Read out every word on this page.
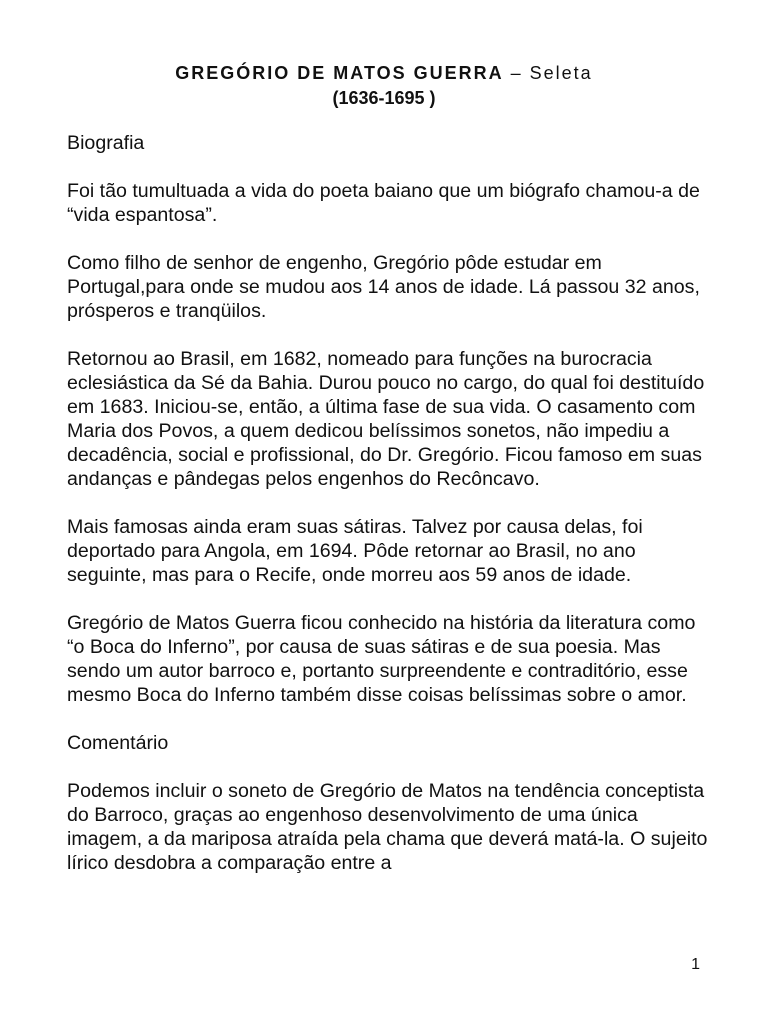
GREGÓRIO DE MATOS GUERRA – Seleta
(1636-1695 )

Biografia

Foi tão tumultuada a vida do poeta baiano que um biógrafo chamou-a de “vida espantosa”.

Como filho de senhor de engenho, Gregório pôde estudar em Portugal,para onde se mudou aos 14 anos de idade. Lá passou 32 anos, prósperos e tranqüilos.

Retornou ao Brasil, em 1682, nomeado para funções na burocracia eclesiástica da Sé da Bahia. Durou pouco no cargo, do qual foi destituído em 1683. Iniciou-se, então, a última fase de sua vida. O casamento com Maria dos Povos, a quem dedicou belíssimos sonetos, não impediu a decadência, social e profissional, do Dr. Gregório. Ficou famoso em suas andanças e pândegas pelos engenhos do Recôncavo.

Mais famosas ainda eram suas sátiras. Talvez por causa delas, foi deportado para Angola, em 1694. Pôde retornar ao Brasil, no ano seguinte, mas para o Recife, onde morreu aos 59 anos de idade.

Gregório de Matos Guerra ficou conhecido na história da literatura como “o Boca do Inferno”, por causa de suas sátiras e de sua poesia. Mas sendo um autor barroco e, portanto surpreendente e contraditório, esse mesmo Boca do Inferno também disse coisas belíssimas sobre o amor.

Comentário

Podemos incluir o soneto de Gregório de Matos na tendência conceptista do Barroco, graças ao engenhoso desenvolvimento de uma única imagem, a da mariposa atraída pela chama que deverá matá-la. O sujeito lírico desdobra a comparação entre a

1
